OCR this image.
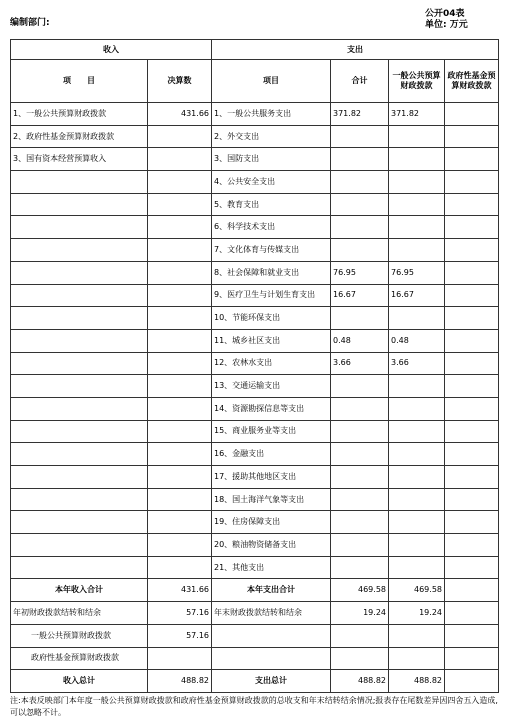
编制部门:
公开04表
单位: 万元
收入		支出			
项　　目	决算数	项目	合计	一般公共预算财政拨款	政府性基金预算财政拨款
1、一般公共预算财政拨款	431.66	1、一般公共服务支出	371.82	371.82	
2、政府性基金预算财政拨款		2、外交支出			
3、国有资本经营预算收入		3、国防支出			
		4、公共安全支出			
		5、教育支出			
		6、科学技术支出			
		7、文化体育与传媒支出			
		8、社会保障和就业支出	76.95	76.95	
		9、医疗卫生与计划生育支出	16.67	16.67	
		10、节能环保支出			
		11、城乡社区支出	0.48	0.48	
		12、农林水支出	3.66	3.66	
		13、交通运输支出			
		14、资源勘探信息等支出			
		15、商业服务业等支出			
		16、金融支出			
		17、援助其他地区支出			
		18、国土海洋气象等支出			
		19、住房保障支出			
		20、粮油物资储备支出			
		21、其他支出			
本年收入合计	431.66	本年支出合计	469.58	469.58	
年初财政拨款结转和结余	57.16	年末财政拨款结转和结余	19.24	19.24	
一般公共预算财政拨款	57.16				
政府性基金预算财政拨款					
收入总计	488.82	支出总计	488.82	488.82	
注:本表反映部门本年度一般公共预算财政拨款和政府性基金预算财政拨款的总收支和年末结转结余情况;报表存在尾数差异因四舍五入造成,可以忽略不计。
